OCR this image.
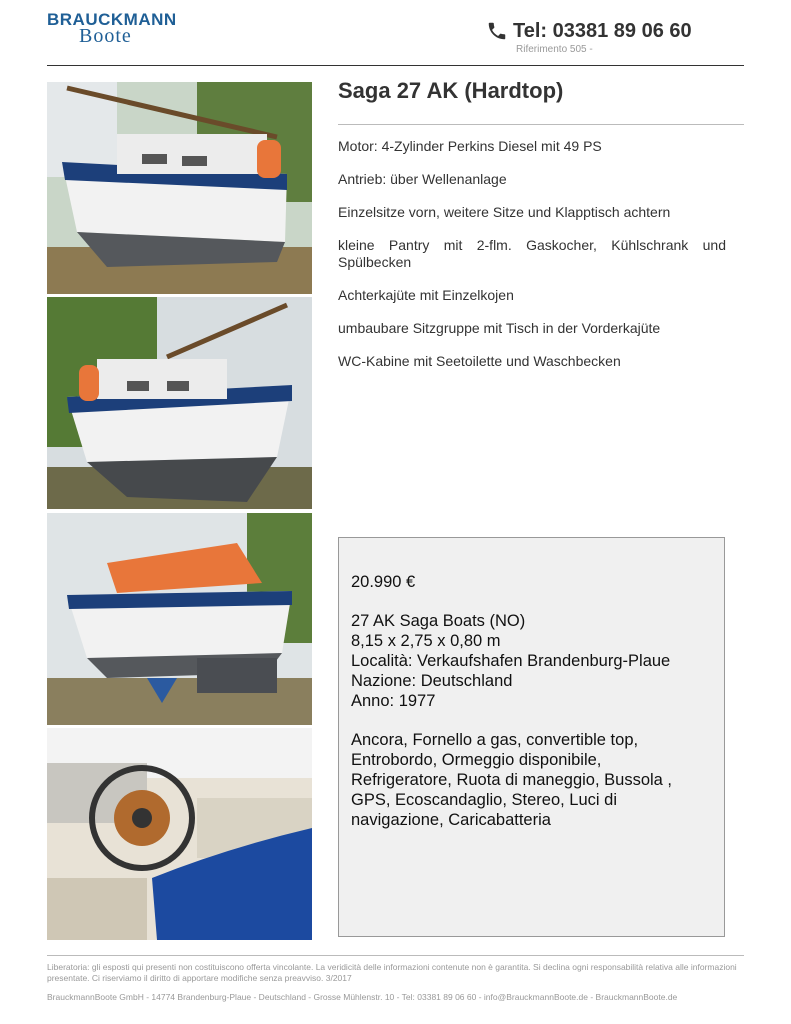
BRAUCKMANN
Boote	Tel: 03381 89 06 60
Riferimento 505 -
Saga 27 AK (Hardtop)

Motor: 4-Zylinder Perkins Diesel mit 49 PS

Antrieb: über Wellenanlage

Einzelsitze vorn, weitere Sitze und Klapptisch achtern

kleine Pantry mit 2-flm. Gaskocher, Kühlschrank und Spülbecken

Achterkajüte mit Einzelkojen

umbaubare Sitzgruppe mit Tisch in der Vorderkajüte

WC-Kabine mit Seetoilette und Waschbecken

20.990 €
27 AK Saga Boats (NO)
8,15 x 2,75 x 0,80 m
Località: Verkaufshafen Brandenburg-Plaue
Nazione: Deutschland
Anno: 1977
Ancora, Fornello a gas, convertible top,
Entrobordo, Ormeggio disponibile,
Refrigeratore, Ruota di maneggio, Bussola ,
GPS, Ecoscandaglio, Stereo, Luci di
navigazione, Caricabatteria
Liberatoria: gli esposti qui presenti non costituiscono offerta vincolante. La veridicità delle informazioni contenute non è garantita. Si declina ogni responsabilità relativa alle informazioni presentate. Ci riserviamo il diritto di apportare modifiche senza preavviso. 3/2017
BrauckmannBoote GmbH - 14774 Brandenburg-Plaue - Deutschland - Grosse Mühlenstr. 10 - Tel: 03381 89 06 60 - info@BrauckmannBoote.de - BrauckmannBoote.de
